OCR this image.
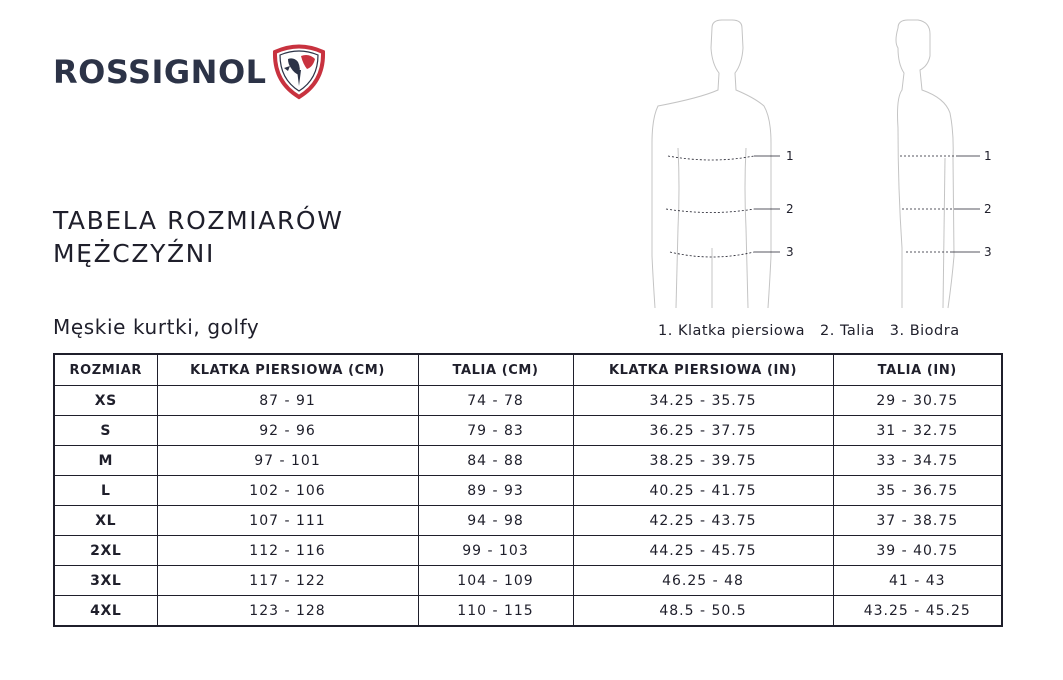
ROSSIGNOL
TABELA ROZMIARÓW
MĘŻCZYŹNI
Męskie kurtki, golfy
1
2
3
1
2
3
1. Klatka piersiowa 2. Talia 3. Biodra
ROZMIAR	KLATKA PIERSIOWA (CM)	TALIA (CM)	KLATKA PIERSIOWA (IN)	TALIA (IN)
XS	87 - 91	74 - 78	34.25 - 35.75	29 - 30.75
S	92 - 96	79 - 83	36.25 - 37.75	31 - 32.75
M	97 - 101	84 - 88	38.25 - 39.75	33 - 34.75
L	102 - 106	89 - 93	40.25 - 41.75	35 - 36.75
XL	107 - 111	94 - 98	42.25 - 43.75	37 - 38.75
2XL	112 - 116	99 - 103	44.25 - 45.75	39 - 40.75
3XL	117 - 122	104 - 109	46.25 - 48	41 - 43
4XL	123 - 128	110 - 115	48.5 - 50.5	43.25 - 45.25
